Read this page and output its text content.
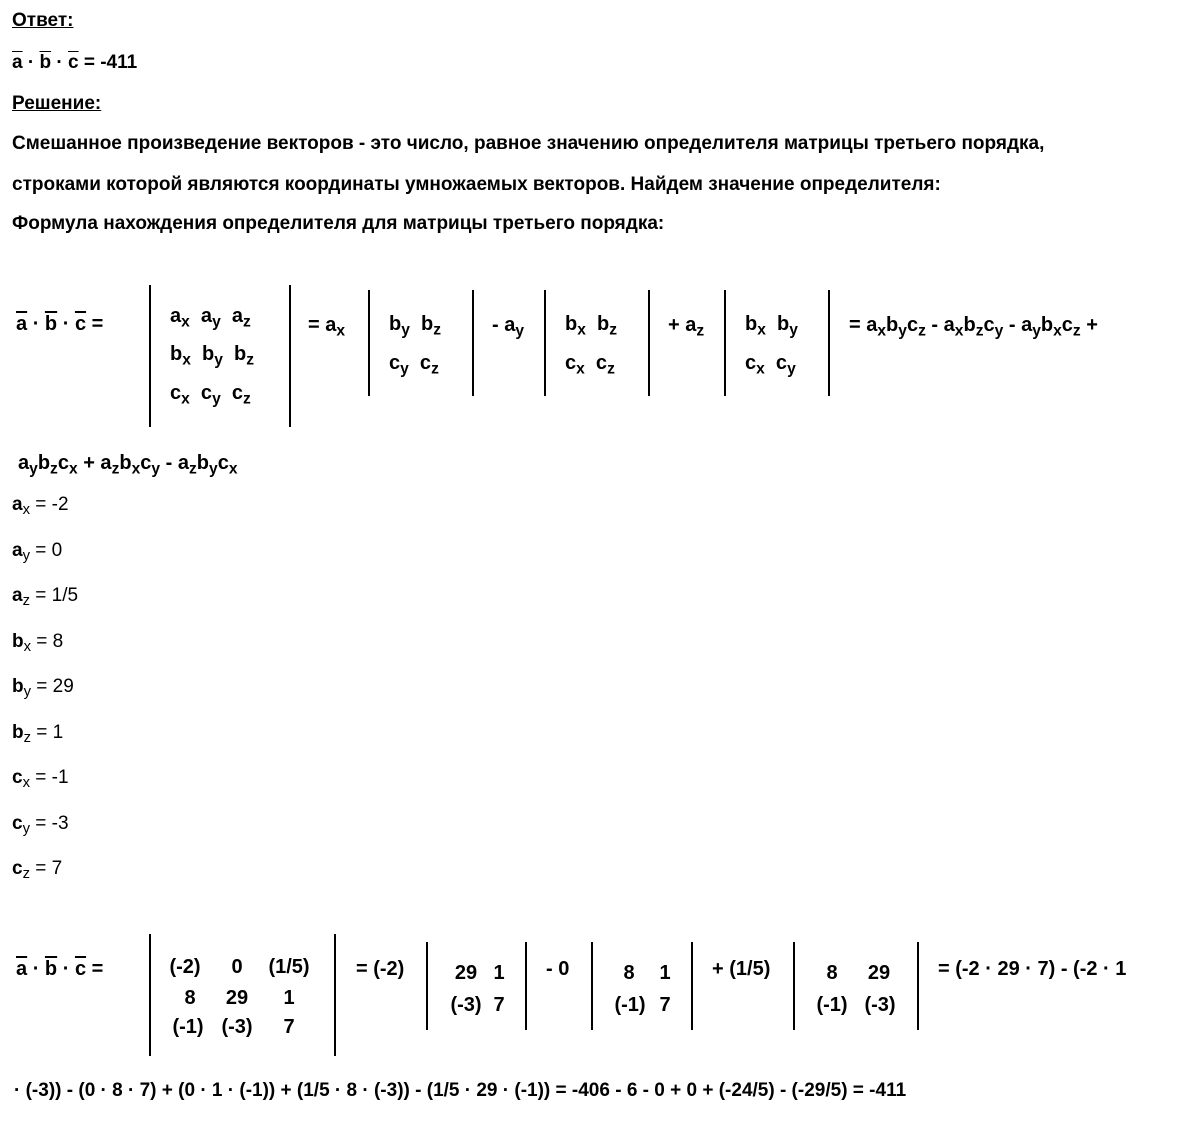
Ответ:
$\overline{a} \cdot \overline{b} \cdot \overline{c} = -411$
Решение:
Смешанное произведение векторов - это число, равное значению определителя матрицы третьего порядка,
строками которой являются координаты умножаемых векторов. Найдем значение определителя:
Формула нахождения определителя для матрицы третьего порядка:
$\overline{a} \cdot \overline{b} \cdot \overline{c}$ =	$a_x$  $a_y$  $a_z$
$b_x$  $b_y$  $b_z$
$c_x$  $c_y$  $c_z$
= $a_x$ $b_y$  $b_z$
$c_y$  $c_z$
- $a_y$ $b_x$  $b_z$
$c_x$  $c_z$
+ $a_z$ $b_x$  $b_y$
$c_x$  $c_y$
= $a_xb_yc_z - a_xb_zc_y - a_yb_xc_z$ +
$a_yb_zc_x + a_zb_xc_y - a_zb_yc_x$
$a_x = -2$
$a_y = 0$
$a_z = 1/5$
$b_x = 8$
$b_y = 29$
$b_z = 1$
$c_x = -1$
$c_y = -3$
$c_z = 7$
$\overline{a} \cdot \overline{b} \cdot \overline{c}$ =	(-2)	0	(1/5)
8	29	1
(-1) (-3)	7
= (-2)	29 1
(-3) 7
- 0	8	1
(-1) 7
+ (1/5)	8	29
(-1) (-3)
= (-2 · 29 · 7) - (-2 · 1
· (-3)) - (0 · 8 · 7) + (0 · 1 · (-1)) + (1/5 · 8 · (-3)) - (1/5 · 29 · (-1)) = -406 - 6 - 0 + 0 + (-24/5) - (-29/5) = -411
